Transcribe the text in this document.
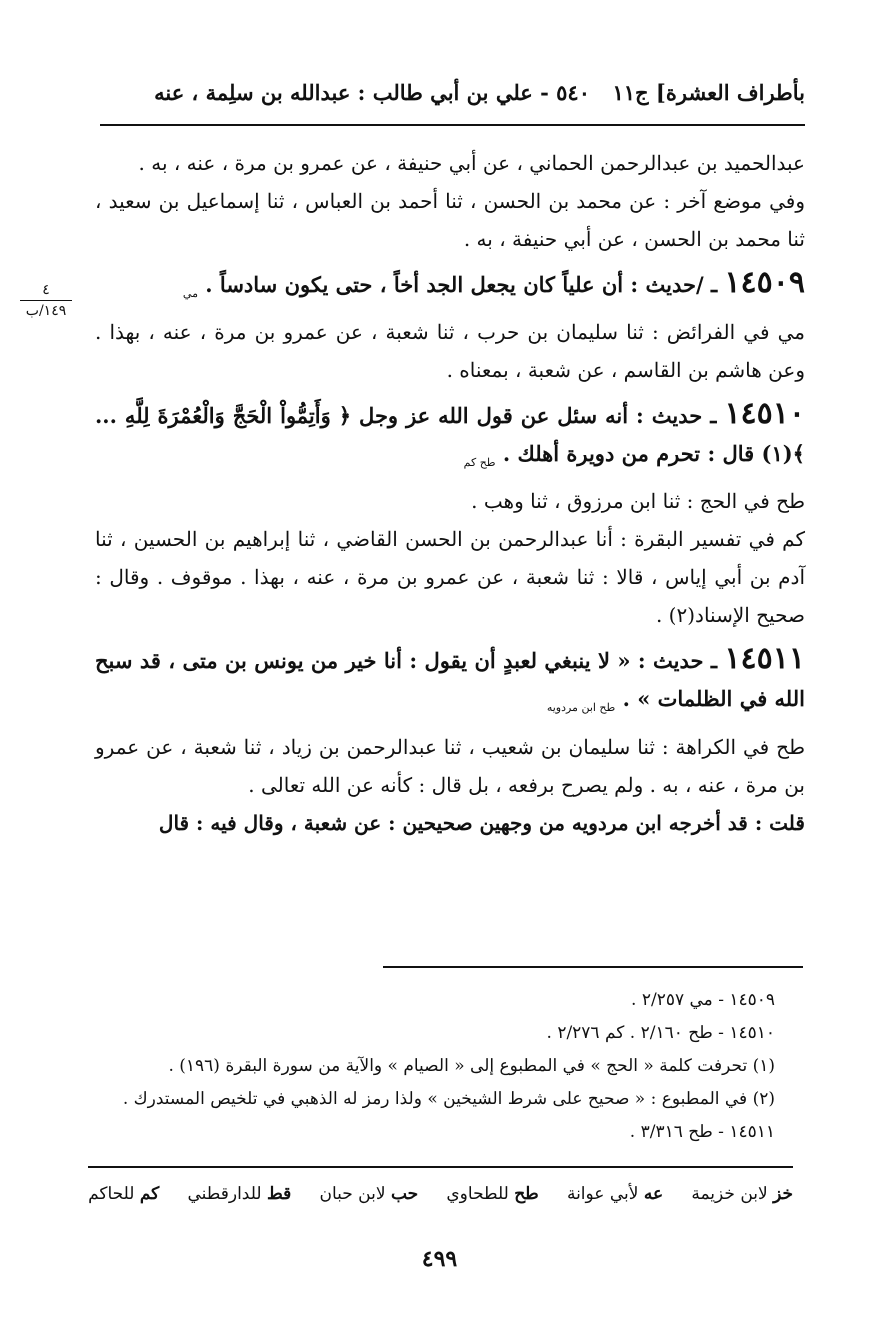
بأطراف العشرة] ج١١
٥٤٠ - علي بن أبي طالب : عبدالله بن سلِمة ، عنه
٤
١٤٩/ب

عبدالحميد بن عبدالرحمن الحماني ، عن أبي حنيفة ، عن عمرو بن مرة ، عنه ، به .

وفي موضع آخر : عن محمد بن الحسن ، ثنا أحمد بن العباس ، ثنا إسماعيل بن سعيد ، ثنا محمد بن الحسن ، عن أبي حنيفة ، به .

١٤٥٠٩ ـ /حديث : أن علياً كان يجعل الجد أخاً ، حتى يكون سادساً . $_{مي}$

مي في الفرائض : ثنا سليمان بن حرب ، ثنا شعبة ، عن عمرو بن مرة ، عنه ، بهذا . وعن هاشم بن القاسم ، عن شعبة ، بمعناه .

١٤٥١٠ ـ حديث : أنه سئل عن قول الله عز وجل ﴿ وَأَتِمُّواْ الْحَجَّ وَالْعُمْرَةَ لِلَّهِ ... ﴾(١) قال : تحرم من دويرة أهلك . $_{طح كم}$

طح في الحج : ثنا ابن مرزوق ، ثنا وهب .

كم في تفسير البقرة : أنا عبدالرحمن بن الحسن القاضي ، ثنا إبراهيم بن الحسين ، ثنا آدم بن أبي إياس ، قالا : ثنا شعبة ، عن عمرو بن مرة ، عنه ، بهذا . موقوف . وقال : صحيح الإسناد(٢) .

١٤٥١١ ـ حديث : « لا ينبغي لعبدٍ أن يقول : أنا خير من يونس بن متى ، قد سبح الله في الظلمات » . $_{طح ابن مردويه}$

طح في الكراهة : ثنا سليمان بن شعيب ، ثنا عبدالرحمن بن زياد ، ثنا شعبة ، عن عمرو بن مرة ، عنه ، به . ولم يصرح برفعه ، بل قال : كأنه عن الله تعالى .

قلت : قد أخرجه ابن مردويه من وجهين صحيحين : عن شعبة ، وقال فيه : قال

١٤٥٠٩ - مي ٢/٢٥٧ .

١٤٥١٠ - طح ٢/١٦٠ . كم ٢/٢٧٦ .

(١) تحرفت كلمة « الحج » في المطبوع إلى « الصيام » والآية من سورة البقرة (١٩٦) .

(٢) في المطبوع : « صحيح على شرط الشيخين » ولذا رمز له الذهبي في تلخيص المستدرك .

١٤٥١١ - طح ٣/٣١٦ .

خز لابن خزيمة
عه لأبي عوانة
طح للطحاوي
حب لابن حبان
قط للدارقطني
كم للحاكم
٤٩٩
